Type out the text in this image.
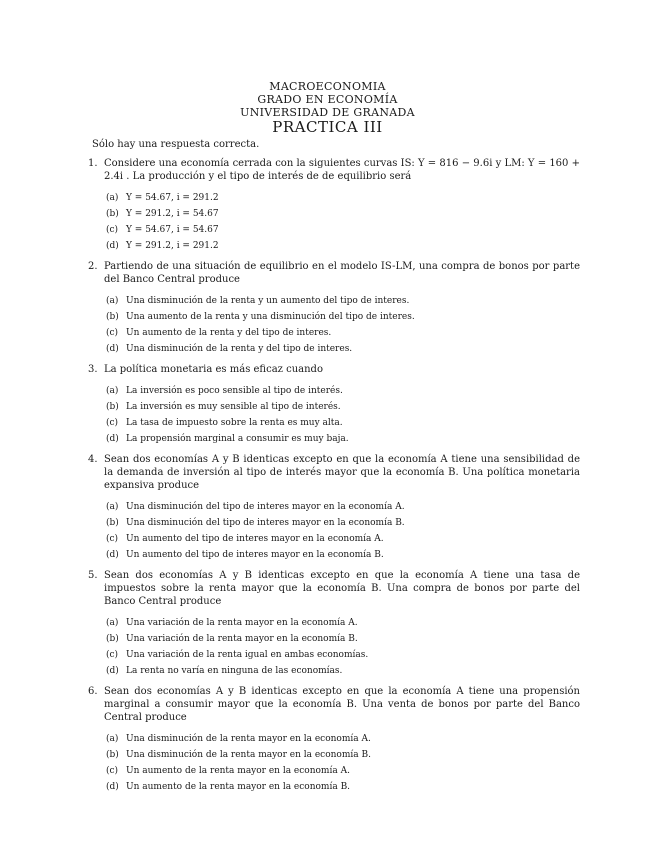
MACROECONOMIA
GRADO EN ECONOMÍA
UNIVERSIDAD DE GRANADA
PRACTICA III
Sólo hay una respuesta correcta.
1. Considere una economía cerrada con la siguientes curvas IS: Y = 816 − 9.6i y LM: Y = 160 + 2.4i . La producción y el tipo de interés de de equilibrio será
(a) Y = 54.67, i = 291.2
(b) Y = 291.2, i = 54.67
(c) Y = 54.67, i = 54.67
(d) Y = 291.2, i = 291.2
2. Partiendo de una situación de equilibrio en el modelo IS-LM, una compra de bonos por parte del Banco Central produce
(a) Una disminución de la renta y un aumento del tipo de interes.
(b) Una aumento de la renta y una disminución del tipo de interes.
(c) Un aumento de la renta y del tipo de interes.
(d) Una disminución de la renta y del tipo de interes.
3. La política monetaria es más eficaz cuando
(a) La inversión es poco sensible al tipo de interés.
(b) La inversión es muy sensible al tipo de interés.
(c) La tasa de impuesto sobre la renta es muy alta.
(d) La propensión marginal a consumir es muy baja.
4. Sean dos economías A y B identicas excepto en que la economía A tiene una sensibilidad de la demanda de inversión al tipo de interés mayor que la economía B. Una política monetaria expansiva produce
(a) Una disminución del tipo de interes mayor en la economía A.
(b) Una disminución del tipo de interes mayor en la economía B.
(c) Un aumento del tipo de interes mayor en la economía A.
(d) Un aumento del tipo de interes mayor en la economía B.
5. Sean dos economías A y B identicas excepto en que la economía A tiene una tasa de impuestos sobre la renta mayor que la economía B. Una compra de bonos por parte del Banco Central produce
(a) Una variación de la renta mayor en la economía A.
(b) Una variación de la renta mayor en la economía B.
(c) Una variación de la renta igual en ambas economías.
(d) La renta no varía en ninguna de las economías.
6. Sean dos economías A y B identicas excepto en que la economía A tiene una propensión marginal a consumir mayor que la economía B. Una venta de bonos por parte del Banco Central produce
(a) Una disminución de la renta mayor en la economía A.
(b) Una disminución de la renta mayor en la economía B.
(c) Un aumento de la renta mayor en la economía A.
(d) Un aumento de la renta mayor en la economía B.
